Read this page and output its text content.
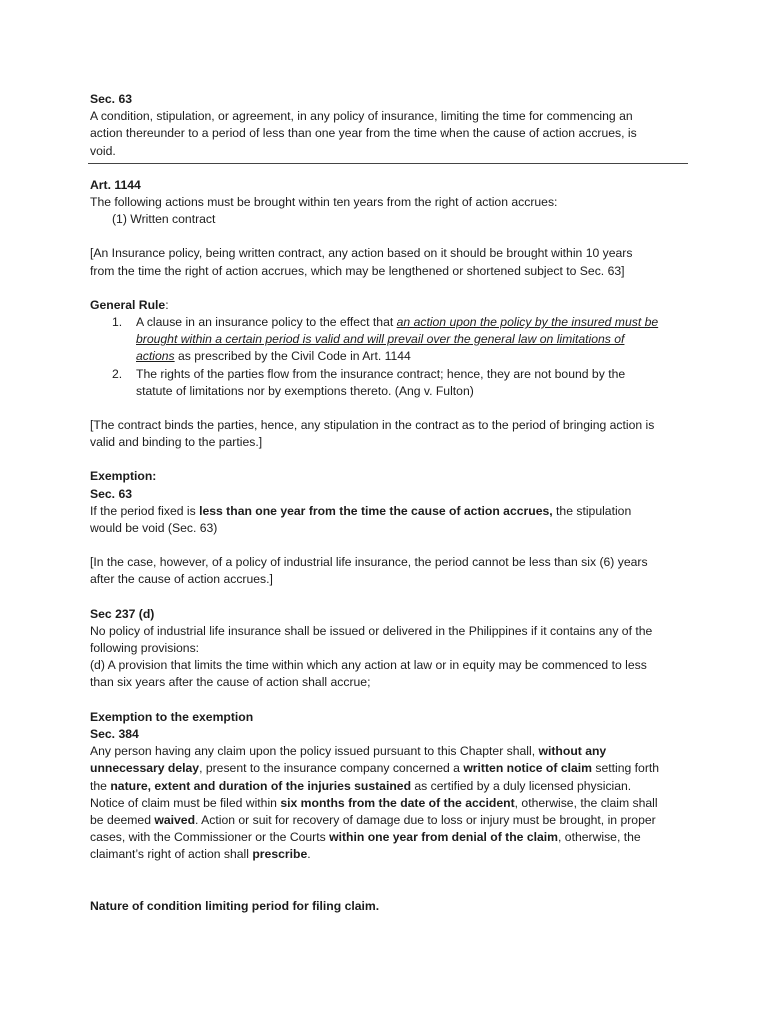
Sec. 63
A condition, stipulation, or agreement, in any policy of insurance, limiting the time for commencing an
action thereunder to a period of less than one year from the time when the cause of action accrues, is
void.
Art. 1144
The following actions must be brought within ten years from the right of action accrues:
(1) Written contract
[An Insurance policy, being written contract, any action based on it should be brought within 10 years
from the time the right of action accrues, which may be lengthened or shortened subject to Sec. 63]
General Rule:
1. A clause in an insurance policy to the effect that an action upon the policy by the insured must be
brought within a certain period is valid and will prevail over the general law on limitations of
actions as prescribed by the Civil Code in Art. 1144
2. The rights of the parties flow from the insurance contract; hence, they are not bound by the
statute of limitations nor by exemptions thereto. (Ang v. Fulton)
[The contract binds the parties, hence, any stipulation in the contract as to the period of bringing action is
valid and binding to the parties.]
Exemption:
Sec. 63
If the period fixed is less than one year from the time the cause of action accrues, the stipulation
would be void (Sec. 63)
[In the case, however, of a policy of industrial life insurance, the period cannot be less than six (6) years
after the cause of action accrues.]
Sec 237 (d)
No policy of industrial life insurance shall be issued or delivered in the Philippines if it contains any of the
following provisions:
(d) A provision that limits the time within which any action at law or in equity may be commenced to less
than six years after the cause of action shall accrue;
Exemption to the exemption
Sec. 384
Any person having any claim upon the policy issued pursuant to this Chapter shall, without any
unnecessary delay, present to the insurance company concerned a written notice of claim setting forth
the nature, extent and duration of the injuries sustained as certified by a duly licensed physician.
Notice of claim must be filed within six months from the date of the accident, otherwise, the claim shall
be deemed waived. Action or suit for recovery of damage due to loss or injury must be brought, in proper
cases, with the Commissioner or the Courts within one year from denial of the claim, otherwise, the
claimant’s right of action shall prescribe.
Nature of condition limiting period for filing claim.
